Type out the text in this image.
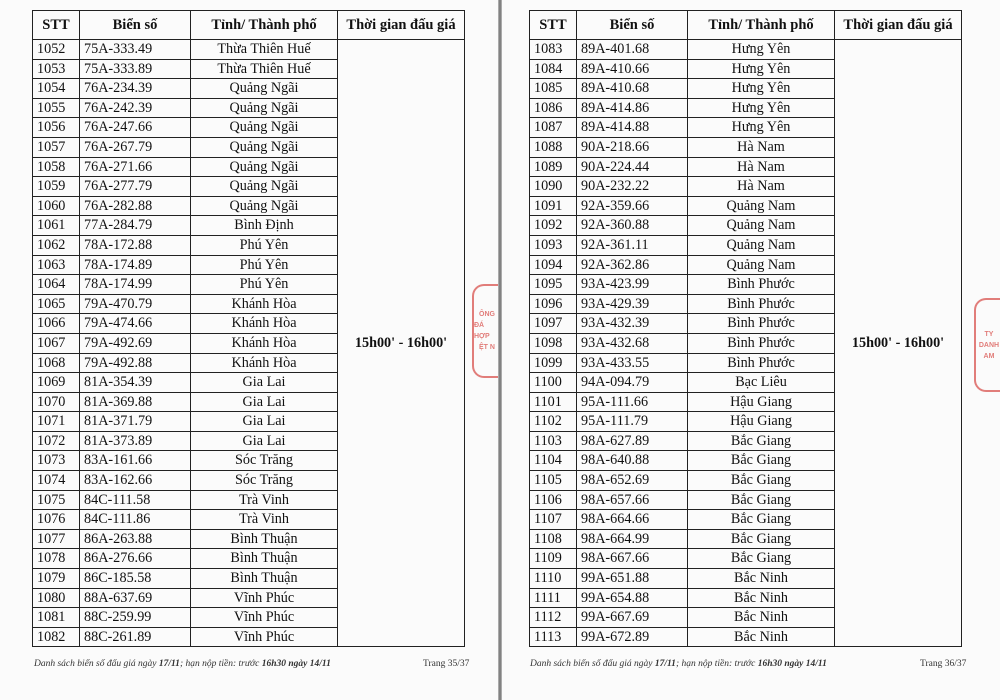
STT	Biển số	Tỉnh/ Thành phố	Thời gian đấu giá
1052	75A-333.49	Thừa Thiên Huế	15h00' - 16h00'
1053	75A-333.89	Thừa Thiên Huế	
1054	76A-234.39	Quảng Ngãi	
1055	76A-242.39	Quảng Ngãi	
1056	76A-247.66	Quảng Ngãi	
1057	76A-267.79	Quảng Ngãi	
1058	76A-271.66	Quảng Ngãi	
1059	76A-277.79	Quảng Ngãi	
1060	76A-282.88	Quảng Ngãi	
1061	77A-284.79	Bình Định	
1062	78A-172.88	Phú Yên	
1063	78A-174.89	Phú Yên	
1064	78A-174.99	Phú Yên	
1065	79A-470.79	Khánh Hòa	
1066	79A-474.66	Khánh Hòa	
1067	79A-492.69	Khánh Hòa	
1068	79A-492.88	Khánh Hòa	
1069	81A-354.39	Gia Lai	
1070	81A-369.88	Gia Lai	
1071	81A-371.79	Gia Lai	
1072	81A-373.89	Gia Lai	
1073	83A-161.66	Sóc Trăng	
1074	83A-162.66	Sóc Trăng	
1075	84C-111.58	Trà Vinh	
1076	84C-111.86	Trà Vinh	
1077	86A-263.88	Bình Thuận	
1078	86A-276.66	Bình Thuận	
1079	86C-185.58	Bình Thuận	
1080	88A-637.69	Vĩnh Phúc	
1081	88C-259.99	Vĩnh Phúc	
1082	88C-261.89	Vĩnh Phúc	
Danh sách biển số đấu giá ngày 17/11; hạn nộp tiền: trước 16h30 ngày 14/11	Trang 35/37
ÔNG
ĐÁ HỢP
ỆT N
STT	Biển số	Tỉnh/ Thành phố	Thời gian đấu giá
1083	89A-401.68	Hưng Yên	15h00' - 16h00'
1084	89A-410.66	Hưng Yên	
1085	89A-410.68	Hưng Yên	
1086	89A-414.86	Hưng Yên	
1087	89A-414.88	Hưng Yên	
1088	90A-218.66	Hà Nam	
1089	90A-224.44	Hà Nam	
1090	90A-232.22	Hà Nam	
1091	92A-359.66	Quảng Nam	
1092	92A-360.88	Quảng Nam	
1093	92A-361.11	Quảng Nam	
1094	92A-362.86	Quảng Nam	
1095	93A-423.99	Bình Phước	
1096	93A-429.39	Bình Phước	
1097	93A-432.39	Bình Phước	
1098	93A-432.68	Bình Phước	
1099	93A-433.55	Bình Phước	
1100	94A-094.79	Bạc Liêu	
1101	95A-111.66	Hậu Giang	
1102	95A-111.79	Hậu Giang	
1103	98A-627.89	Bắc Giang	
1104	98A-640.88	Bắc Giang	
1105	98A-652.69	Bắc Giang	
1106	98A-657.66	Bắc Giang	
1107	98A-664.66	Bắc Giang	
1108	98A-664.99	Bắc Giang	
1109	98A-667.66	Bắc Giang	
1110	99A-651.88	Bắc Ninh	
1111	99A-654.88	Bắc Ninh	
1112	99A-667.69	Bắc Ninh	
1113	99A-672.89	Bắc Ninh	
Danh sách biển số đấu giá ngày 17/11; hạn nộp tiền: trước 16h30 ngày 14/11	Trang 36/37
TY
DANH
AM
